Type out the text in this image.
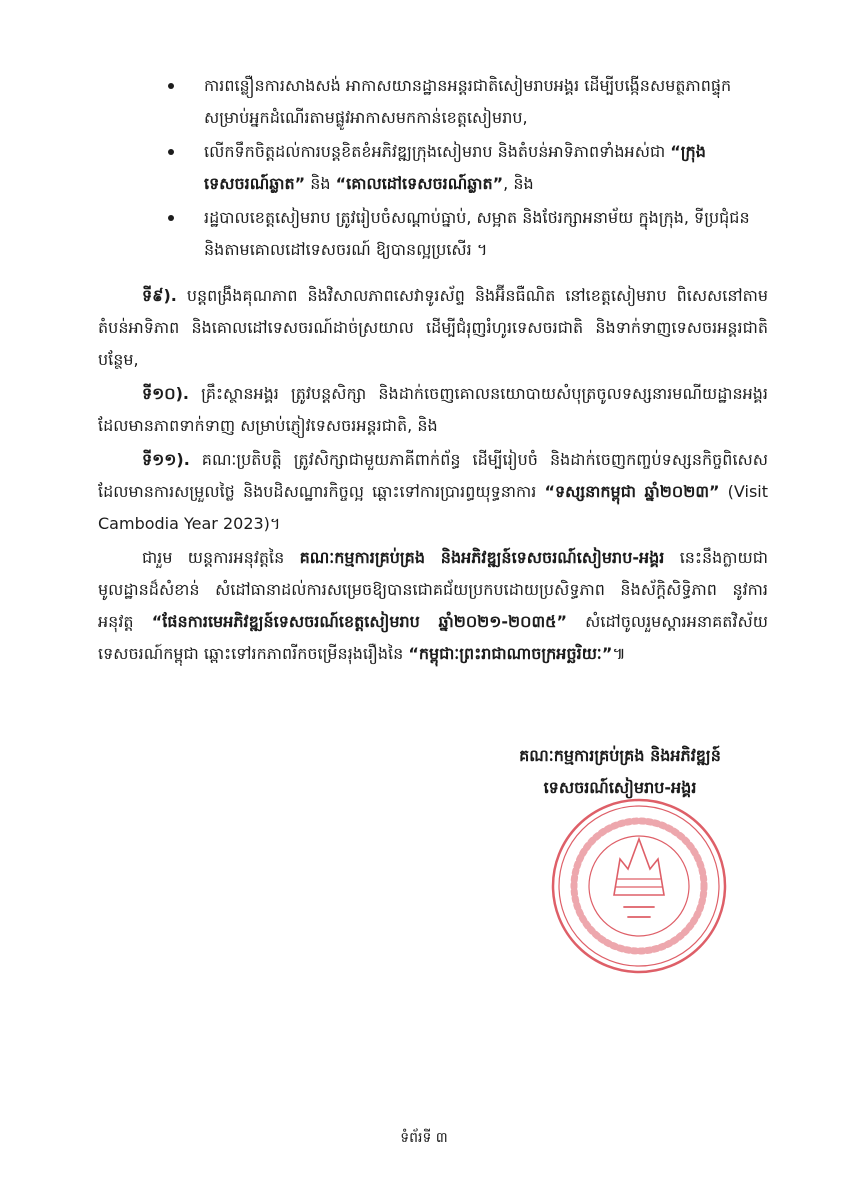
ការពន្លឿនការសាងសង់ អាកាសយានដ្ឋានអន្តរជាតិសៀមរាបអង្គរ ដើម្បីបង្កើនសមត្ថភាពផ្ទុក សម្រាប់អ្នកដំណើរតាមផ្លូវអាកាសមកកាន់ខេត្តសៀមរាប,
លើកទឹកចិត្តដល់ការបន្តខិតខំអភិវឌ្ឍក្រុងសៀមរាប និងតំបន់អាទិភាពទាំងអស់ជា “ក្រុងទេសចរណ៍ឆ្លាត” និង “គោលដៅទេសចរណ៍ឆ្លាត”, និង
រដ្ឋបាលខេត្តសៀមរាប ត្រូវរៀបចំសណ្តាប់ធ្នាប់, សម្អាត និងថែរក្សាអនាម័យ ក្នុងក្រុង, ទីប្រជុំជន និងតាមគោលដៅទេសចរណ៍ ឱ្យបានល្អប្រសើរ ។

ទី៩). បន្តពង្រឹងគុណភាព និងវិសាលភាពសេវាទូរស័ព្ទ និងអ៊ីនធឺណិត នៅខេត្តសៀមរាប ពិសេសនៅតាមតំបន់អាទិភាព និងគោលដៅទេសចរណ៍ដាច់ស្រយាល ដើម្បីជំរុញរំហូរទេសចរជាតិ និងទាក់ទាញទេសចរអន្តរជាតិបន្ថែម,

ទី១០). គ្រឹះស្ថានអង្គរ ត្រូវបន្តសិក្សា និងដាក់ចេញគោលនយោបាយសំបុត្រចូលទស្សនារមណីយដ្ឋានអង្គរ ដែលមានភាពទាក់ទាញ សម្រាប់ភ្ញៀវទេសចរអន្តរជាតិ, និង

ទី១១). គណៈប្រតិបត្តិ ត្រូវសិក្សាជាមួយភាគីពាក់ព័ន្ធ ដើម្បីរៀបចំ និងដាក់ចេញកញ្ចប់ទស្សនកិច្ចពិសេស ដែលមានការសម្រួលថ្លៃ និងបដិសណ្ឋារកិច្ចល្អ ឆ្ពោះទៅការប្រារព្ធយុទ្ធនាការ “ទស្សនាកម្ពុជា ឆ្នាំ២០២៣” (Visit Cambodia Year 2023)។

ជារួម យន្តការអនុវត្តនៃ គណៈកម្មការគ្រប់គ្រង និងអភិវឌ្ឍន៍ទេសចរណ៍សៀមរាប-អង្គរ នេះនឹងក្លាយជាមូលដ្ឋានដ៏សំខាន់ សំដៅធានាដល់ការសម្រេចឱ្យបានជោគជ័យប្រកបដោយប្រសិទ្ធភាព និងស័ក្តិសិទ្ធិភាព នូវការអនុវត្ត “ផែនការមេអភិវឌ្ឍន៍ទេសចរណ៍ខេត្តសៀមរាប ឆ្នាំ២០២១-២០៣៥” សំដៅចូលរួមស្ដារអនាគតវិស័យទេសចរណ៍កម្ពុជា ឆ្ពោះទៅរកភាពរីកចម្រើនរុងរឿងនៃ “កម្ពុជាៈព្រះរាជាណាចក្រអច្ឆរិយៈ”៕

គណៈកម្មការគ្រប់គ្រង និងអភិវឌ្ឍន៍
ទេសចរណ៍សៀមរាប-អង្គរ
ទំព័រទី ៣
